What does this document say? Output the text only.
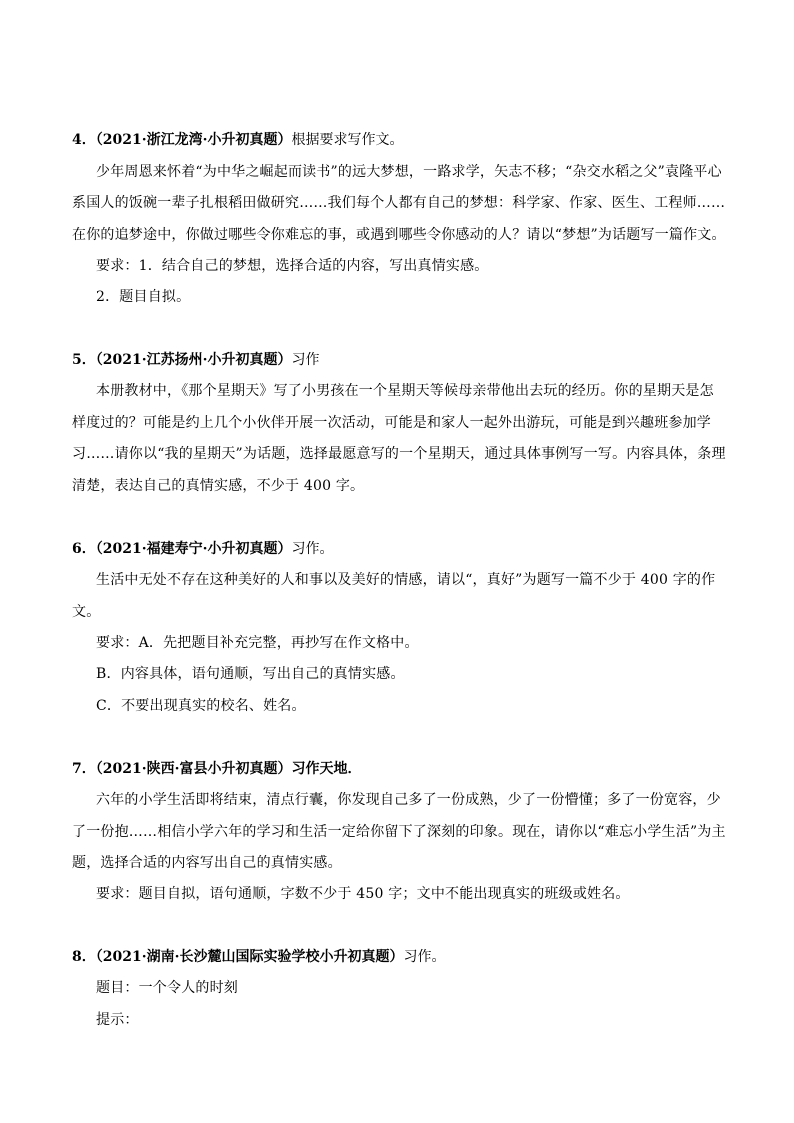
4．（2021·浙江龙湾·小升初真题）根据要求写作文。
少年周恩来怀着“为中华之崛起而读书”的远大梦想，一路求学，矢志不移；“杂交水稻之父”袁隆平心
系国人的饭碗一辈子扎根稻田做研究……我们每个人都有自己的梦想：科学家、作家、医生、工程师……
在你的追梦途中，你做过哪些令你难忘的事，或遇到哪些令你感动的人？请以“梦想”为话题写一篇作文。
要求：1．结合自己的梦想，选择合适的内容，写出真情实感。
2．题目自拟。
5．（2021·江苏扬州·小升初真题）习作
本册教材中，《那个星期天》写了小男孩在一个星期天等候母亲带他出去玩的经历。你的星期天是怎
样度过的？可能是约上几个小伙伴开展一次活动，可能是和家人一起外出游玩，可能是到兴趣班参加学
习……请你以“我的星期天”为话题，选择最愿意写的一个星期天，通过具体事例写一写。内容具体，条理
清楚，表达自己的真情实感，不少于 400 字。
6．（2021·福建寿宁·小升初真题）习作。
生活中无处不存在这种美好的人和事以及美好的情感，请以“，真好”为题写一篇不少于 400 字的作
文。
要求：A．先把题目补充完整，再抄写在作文格中。
B．内容具体，语句通顺，写出自己的真情实感。
C．不要出现真实的校名、姓名。
7．（2021·陕西·富县小升初真题）习作天地．
六年的小学生活即将结束，清点行囊，你发现自己多了一份成熟，少了一份懵懂；多了一份宽容，少
了一份抱……相信小学六年的学习和生活一定给你留下了深刻的印象。现在，请你以“难忘小学生活”为主
题，选择合适的内容写出自己的真情实感。
要求：题目自拟，语句通顺，字数不少于 450 字；文中不能出现真实的班级或姓名。
8．（2021·湖南·长沙麓山国际实验学校小升初真题）习作。
题目：一个令人的时刻
提示：
